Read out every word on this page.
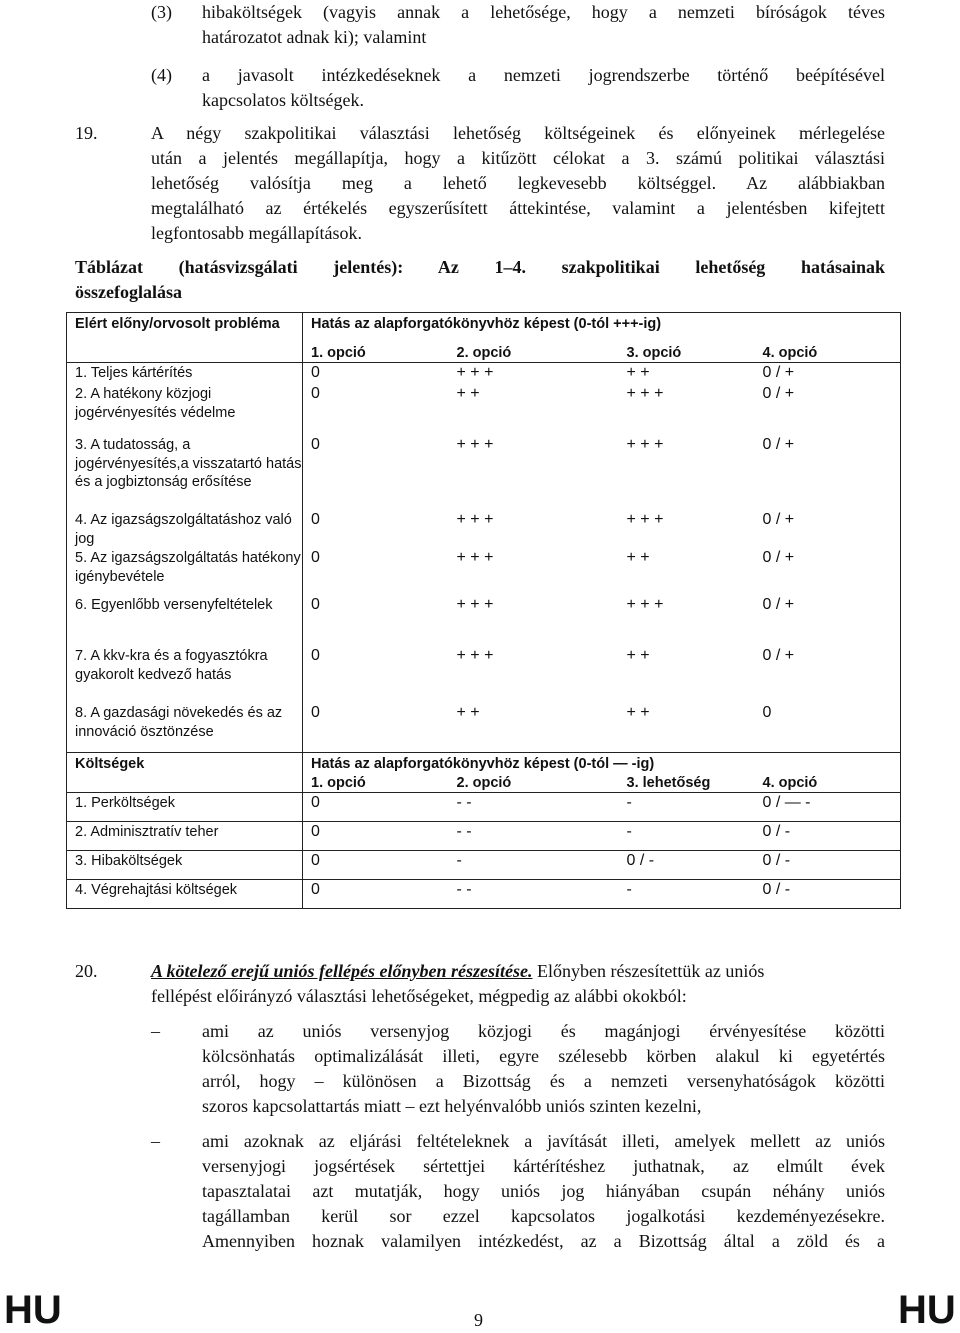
(3) hibaköltségek (vagyis annak a lehetősége, hogy a nemzeti bíróságok téves
határozatot adnak ki); valamint
(4) a javasolt intézkedéseknek a nemzeti jogrendszerbe történő beépítésével
kapcsolatos költségek.
19.	A négy szakpolitikai választási lehetőség költségeinek és előnyeinek mérlegelése
után a jelentés megállapítja, hogy a kitűzött célokat a 3. számú politikai választási
lehetőség valósítja meg a lehető legkevesebb költséggel. Az alábbiakban
megtalálható az értékelés egyszerűsített áttekintése, valamint a jelentésben kifejtett
legfontosabb megállapítások.
Táblázat (hatásvizsgálati jelentés): Az 1–4. szakpolitikai lehetőség hatásainak
összefoglalása
Elért előny/orvosolt probléma	Hatás az alapforgatókönyvhöz képest (0-tól +++-ig)			
	1. opció	2. opció	3. opció	4. opció
1. Teljes kártérítés	0	+ + +	+ +	0 / +
2. A hatékony közjogi jogérvényesítés védelme	0	+ +	+ + +	0 / +
3. A tudatosság, a jogérvényesítés,a visszatartó hatás és a jogbiztonság erősítése	0	+ + +	+ + +	0 / +
4. Az igazságszolgáltatáshoz való jog	0	+ + +	+ + +	0 / +
5. Az igazságszolgáltatás hatékony igénybevétele	0	+ + +	+ +	0 / +
6. Egyenlőbb versenyfeltételek	0	+ + +	+ + +	0 / +
7. A kkv-kra és a fogyasztókra gyakorolt kedvező hatás	0	+ + +	+ +	0 / +
8. A gazdasági növekedés és az innováció ösztönzése	0	+ +	+ +	0
Költségek	Hatás az alapforgatókönyvhöz képest (0-tól — -ig)			
	1. opció	2. opció	3. lehetőség	4. opció
1. Perköltségek	0	- -	-	0 / — -
2. Adminisztratív teher	0	- -	-	0 / -
3. Hibaköltségek	0	-	0 / -	0 / -
4. Végrehajtási költségek	0	- -	-	0 / -
20.	A kötelező erejű uniós fellépés előnyben részesítése. Előnyben részesítettük az uniós
fellépést előirányzó választási lehetőségeket, mégpedig az alábbi okokból:
– ami az uniós versenyjog közjogi és magánjogi érvényesítése közötti
kölcsönhatás optimalizálását illeti, egyre szélesebb körben alakul ki egyetértés
arról, hogy – különösen a Bizottság és a nemzeti versenyhatóságok közötti
szoros kapcsolattartás miatt – ezt helyénvalóbb uniós szinten kezelni,
– ami azoknak az eljárási feltételeknek a javítását illeti, amelyek mellett az uniós
versenyjogi jogsértések sértettjei kártérítéshez juthatnak, az elmúlt évek
tapasztalatai azt mutatják, hogy uniós jog hiányában csupán néhány uniós
tagállamban kerül sor ezzel kapcsolatos jogalkotási kezdeményezésekre.
Amennyiben hoznak valamilyen intézkedést, az a Bizottság által a zöld és a
HU	9	HU
